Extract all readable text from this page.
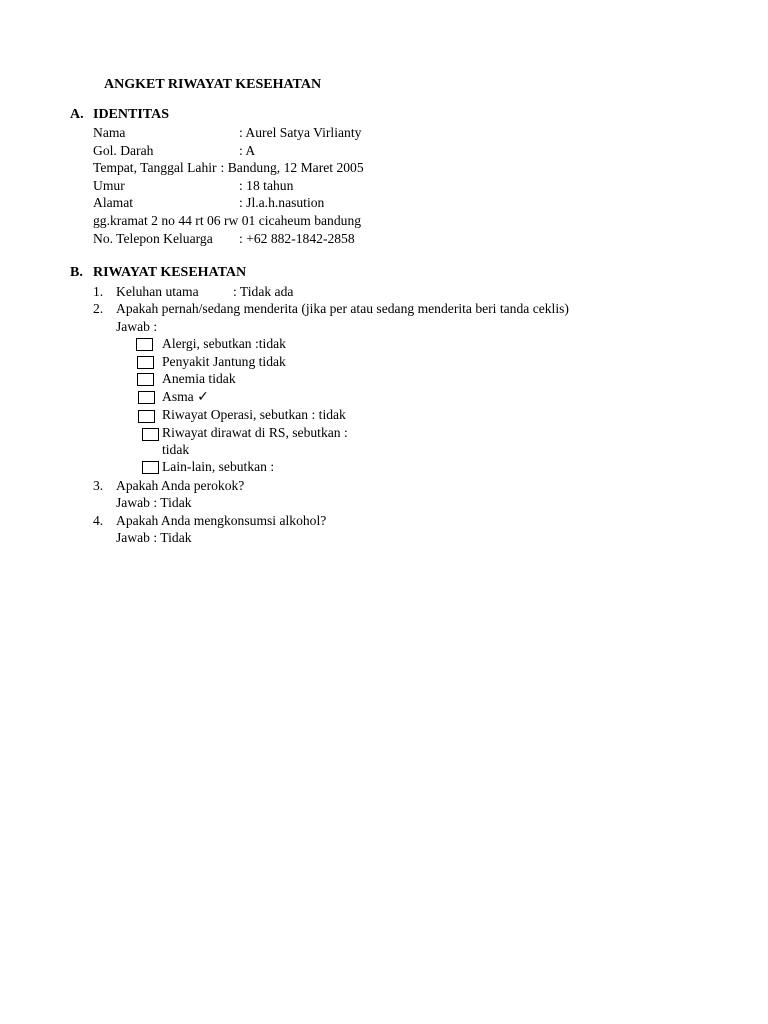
ANGKET RIWAYAT KESEHATAN
A. IDENTITAS
Nama	: Aurel Satya Virlianty
Gol. Darah	: A
Tempat, Tanggal Lahir : Bandung, 12 Maret 2005
Umur	: 18 tahun
Alamat	: Jl.a.h.nasution
gg.kramat 2 no 44 rt 06 rw 01 cicaheum bandung
No. Telepon Keluarga : +62 882-1842-2858
B. RIWAYAT KESEHATAN
1. Keluhan utama	: Tidak ada
2. Apakah pernah/sedang menderita (jika per atau sedang menderita beri tanda ceklis)
Jawab :
Alergi, sebutkan :tidak
Penyakit Jantung tidak
Anemia tidak
Asma ✓
Riwayat Operasi, sebutkan : tidak
Riwayat dirawat di RS, sebutkan :
tidak
Lain-lain, sebutkan :
3. Apakah Anda perokok?
Jawab : Tidak
4. Apakah Anda mengkonsumsi alkohol?
Jawab : Tidak
